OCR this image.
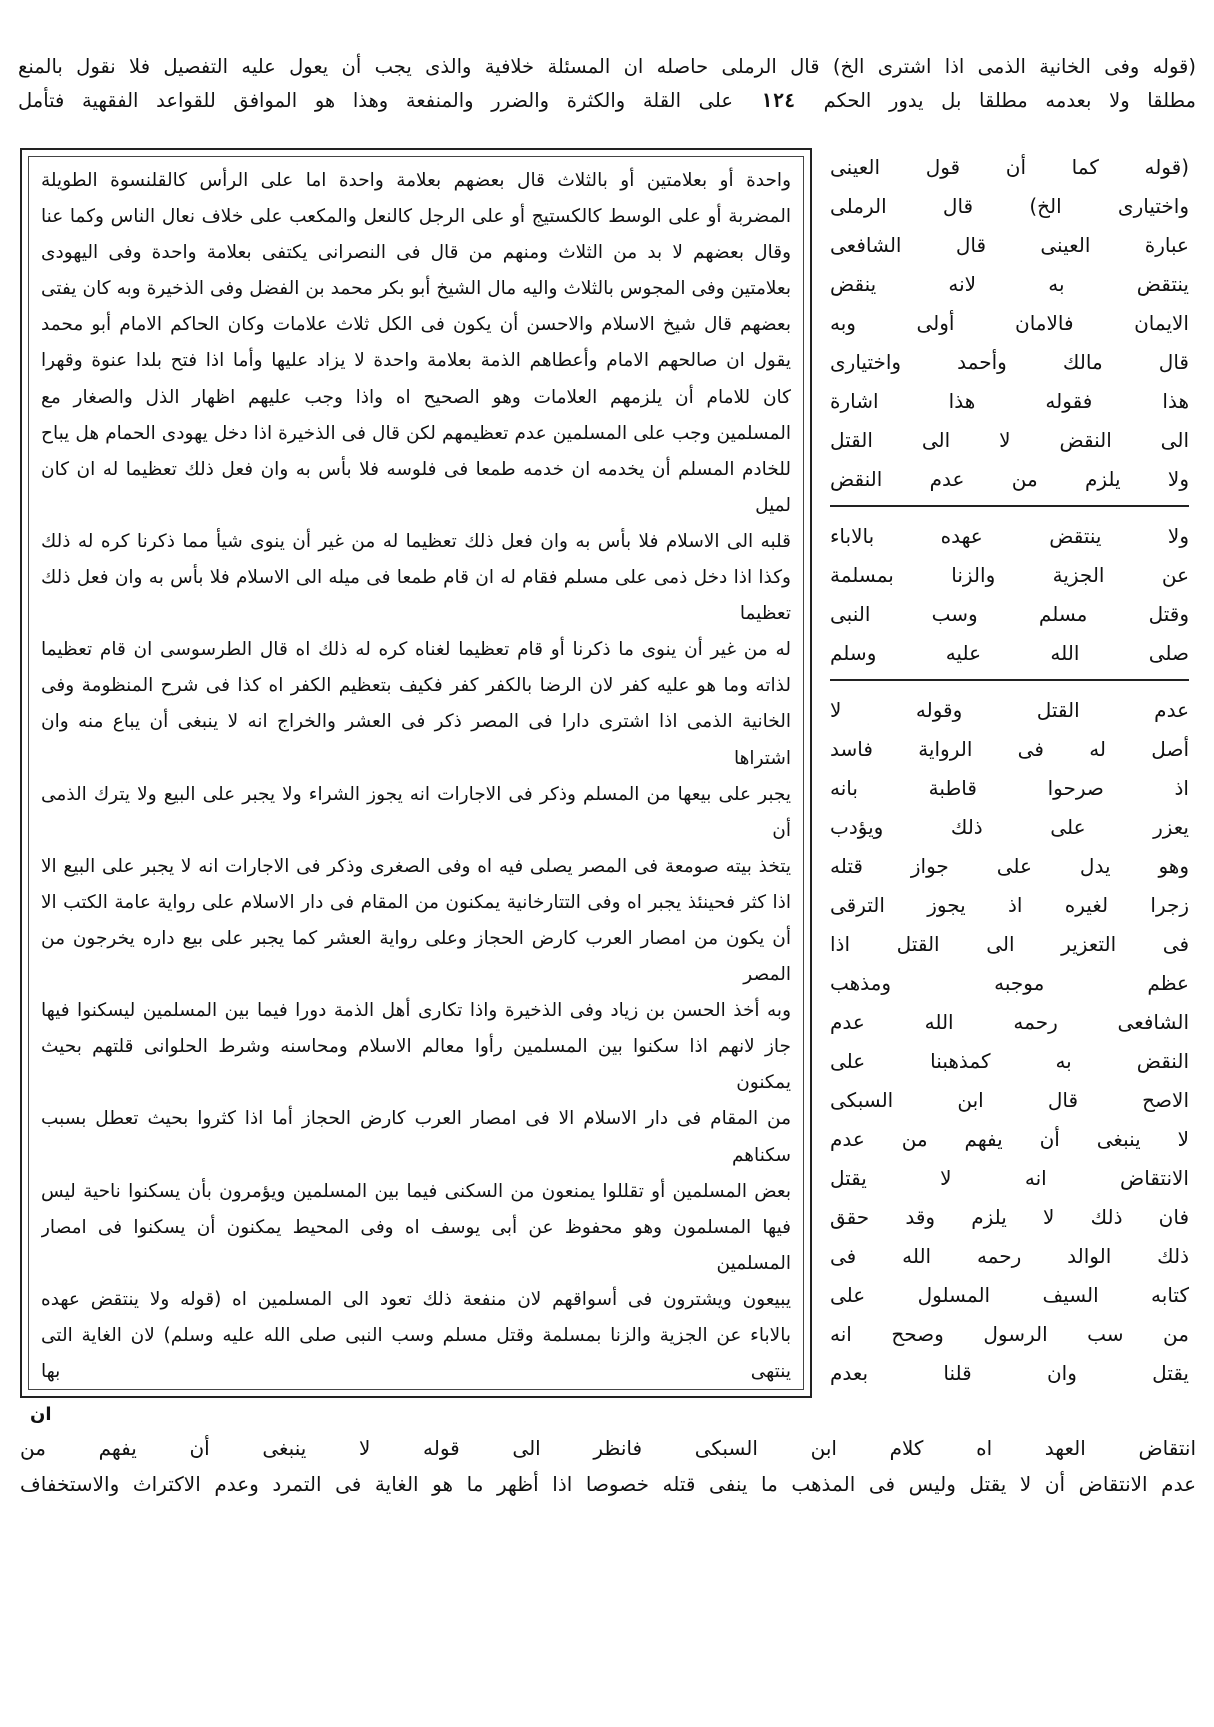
(قوله وفى الخانية الذمى اذا اشترى الخ) قال الرملى حاصله ان المسئلة خلافية والذى يجب أن يعول عليه التفصيل فلا نقول بالمنع
مطلقا ولا بعدمه مطلقا بل يدور الحكم ١٢٤ على القلة والكثرة والضرر والمنفعة وهذا هو الموافق للقواعد الفقهية فتأمل

واحدة أو بعلامتين أو بالثلاث قال بعضهم بعلامة واحدة اما على الرأس كالقلنسوة الطويلة

المضربة أو على الوسط كالكستيج أو على الرجل كالنعل والمكعب على خلاف نعال الناس وكما عنا

وقال بعضهم لا بد من الثلاث ومنهم من قال فى النصرانى يكتفى بعلامة واحدة وفى اليهودى

بعلامتين وفى المجوس بالثلاث واليه مال الشيخ أبو بكر محمد بن الفضل وفى الذخيرة وبه كان يفتى

بعضهم قال شيخ الاسلام والاحسن أن يكون فى الكل ثلاث علامات وكان الحاكم الامام أبو محمد

يقول ان صالحهم الامام وأعطاهم الذمة بعلامة واحدة لا يزاد عليها وأما اذا فتح بلدا عنوة وقهرا

كان للامام أن يلزمهم العلامات وهو الصحيح اه واذا وجب عليهم اظهار الذل والصغار مع

المسلمين وجب على المسلمين عدم تعظيمهم لكن قال فى الذخيرة اذا دخل يهودى الحمام هل يباح

للخادم المسلم أن يخدمه ان خدمه طمعا فى فلوسه فلا بأس به وان فعل ذلك تعظيما له ان كان لميل

قلبه الى الاسلام فلا بأس به وان فعل ذلك تعظيما له من غير أن ينوى شيأ مما ذكرنا كره له ذلك

وكذا اذا دخل ذمى على مسلم فقام له ان قام طمعا فى ميله الى الاسلام فلا بأس به وان فعل ذلك تعظيما

له من غير أن ينوى ما ذكرنا أو قام تعظيما لغناه كره له ذلك اه قال الطرسوسى ان قام تعظيما

لذاته وما هو عليه كفر لان الرضا بالكفر كفر فكيف بتعظيم الكفر اه كذا فى شرح المنظومة وفى

الخانية الذمى اذا اشترى دارا فى المصر ذكر فى العشر والخراج انه لا ينبغى أن يباع منه وان اشتراها

يجبر على بيعها من المسلم وذكر فى الاجارات انه يجوز الشراء ولا يجبر على البيع ولا يترك الذمى أن

يتخذ بيته صومعة فى المصر يصلى فيه اه وفى الصغرى وذكر فى الاجارات انه لا يجبر على البيع الا

اذا كثر فحينئذ يجبر اه وفى التتارخانية يمكنون من المقام فى دار الاسلام على رواية عامة الكتب الا

أن يكون من امصار العرب كارض الحجاز وعلى رواية العشر كما يجبر على بيع داره يخرجون من المصر

وبه أخذ الحسن بن زياد وفى الذخيرة واذا تكارى أهل الذمة دورا فيما بين المسلمين ليسكنوا فيها

جاز لانهم اذا سكنوا بين المسلمين رأوا معالم الاسلام ومحاسنه وشرط الحلوانى قلتهم بحيث يمكنون

من المقام فى دار الاسلام الا فى امصار العرب كارض الحجاز أما اذا كثروا بحيث تعطل بسبب سكناهم

بعض المسلمين أو تقللوا يمنعون من السكنى فيما بين المسلمين ويؤمرون بأن يسكنوا ناحية ليس

فيها المسلمون وهو محفوظ عن أبى يوسف اه وفى المحيط يمكنون أن يسكنوا فى امصار المسلمين

يبيعون ويشترون فى أسواقهم لان منفعة ذلك تعود الى المسلمين اه (قوله ولا ينتقض عهده

بالاباء عن الجزية والزنا بمسلمة وقتل مسلم وسب النبى صلى الله عليه وسلم) لان الغاية التى ينتهى بها

(قوله كما أن قول العينى

واختيارى الخ) قال الرملى

عبارة العينى قال الشافعى

ينتقض به لانه ينقض

الايمان فالامان أولى وبه

قال مالك وأحمد واختيارى

هذا فقوله هذا اشارة

الى النقض لا الى القتل

ولا يلزم من عدم النقض

ولا ينتقض عهده بالاباء

عن الجزية والزنا بمسلمة

وقتل مسلم وسب النبى

صلى الله عليه وسلم

عدم القتل وقوله لا

أصل له فى الرواية فاسد

اذ صرحوا قاطبة بانه

يعزر على ذلك ويؤدب

وهو يدل على جواز قتله

زجرا لغيره اذ يجوز الترقى

فى التعزير الى القتل اذا

عظم موجبه ومذهب

الشافعى رحمه الله عدم

النقض به كمذهبنا على

الاصح قال ابن السبكى

لا ينبغى أن يفهم من عدم

الانتقاض انه لا يقتل

فان ذلك لا يلزم وقد حقق

ذلك الوالد رحمه الله فى

كتابه السيف المسلول على

من سب الرسول وصحح انه

يقتل وان قلنا بعدم

ان
انتقاض العهد اه كلام ابن السبكى فانظر الى قوله لا ينبغى أن يفهم من
عدم الانتقاض أن لا يقتل وليس فى المذهب ما ينفى قتله خصوصا اذا أظهر ما هو الغاية فى التمرد وعدم الاكتراث والاستخفاف
